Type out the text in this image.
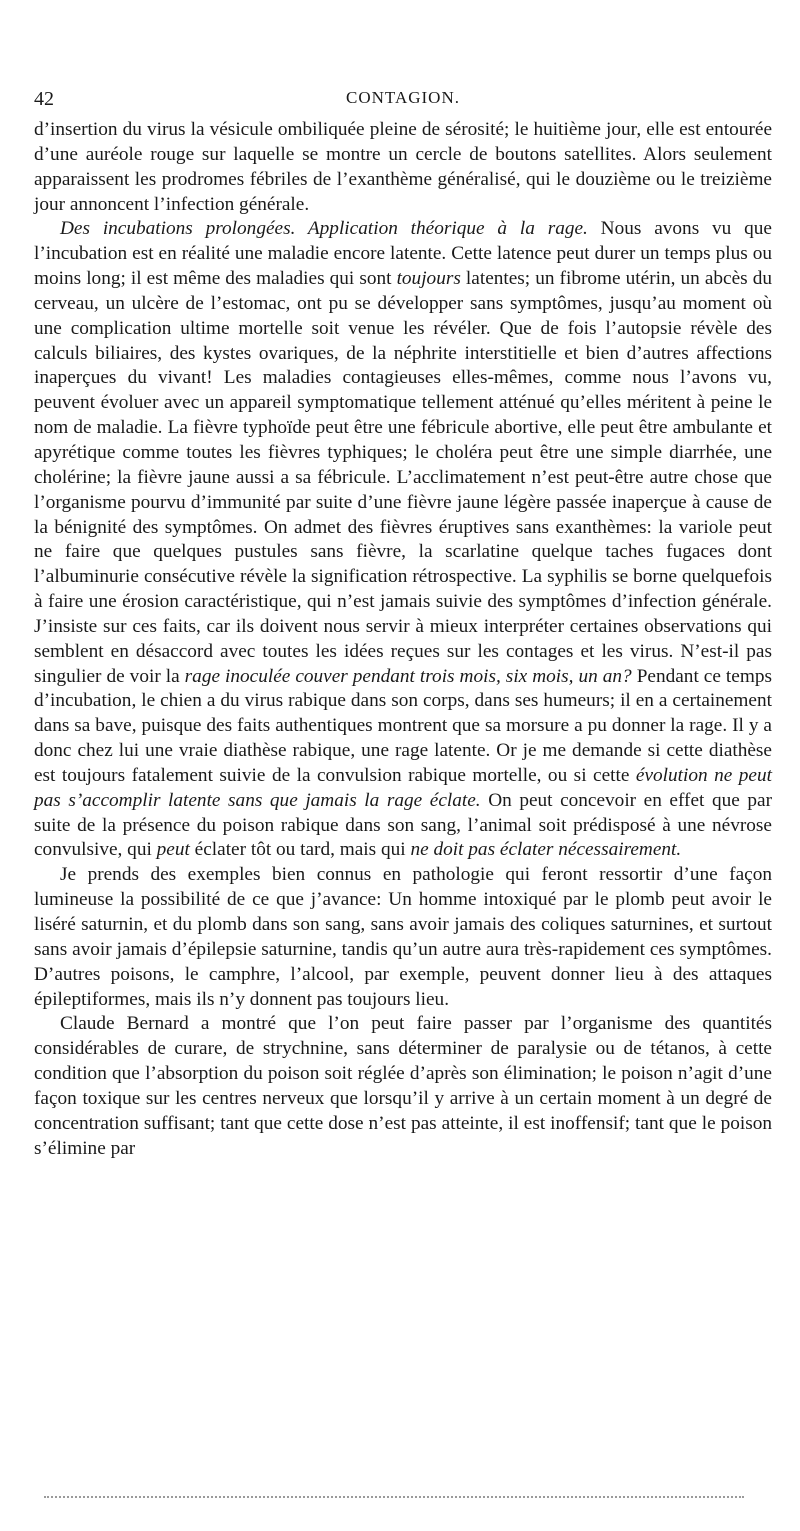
42	CONTAGION.

d’insertion du virus la vésicule ombiliquée pleine de sérosité; le huitième jour, elle est entourée d’une auréole rouge sur laquelle se montre un cercle de boutons satellites. Alors seulement apparaissent les prodromes fébriles de l’exanthème généralisé, qui le douzième ou le treizième jour annoncent l’infection générale.

Des incubations prolongées. Application théorique à la rage. Nous avons vu que l’incubation est en réalité une maladie encore latente. Cette latence peut durer un temps plus ou moins long; il est même des maladies qui sont toujours latentes; un fibrome utérin, un abcès du cerveau, un ulcère de l’estomac, ont pu se développer sans symptômes, jusqu’au moment où une complication ultime mortelle soit venue les révéler. Que de fois l’autopsie révèle des calculs biliaires, des kystes ovariques, de la néphrite interstitielle et bien d’autres affections inaperçues du vivant! Les maladies contagieuses elles-mêmes, comme nous l’avons vu, peuvent évoluer avec un appareil symptomatique tellement atténué qu’elles méritent à peine le nom de maladie. La fièvre typhoïde peut être une fébricule abortive, elle peut être ambulante et apyrétique comme toutes les fièvres typhiques; le choléra peut être une simple diarrhée, une cholérine; la fièvre jaune aussi a sa fébricule. L’acclimatement n’est peut-être autre chose que l’organisme pourvu d’immunité par suite d’une fièvre jaune légère passée inaperçue à cause de la bénignité des symptômes. On admet des fièvres éruptives sans exanthèmes: la variole peut ne faire que quelques pustules sans fièvre, la scarlatine quelque taches fugaces dont l’albuminurie consécutive révèle la signification rétrospective. La syphilis se borne quelquefois à faire une érosion caractéristique, qui n’est jamais suivie des symptômes d’infection générale. J’insiste sur ces faits, car ils doivent nous servir à mieux interpréter certaines observations qui semblent en désaccord avec toutes les idées reçues sur les contages et les virus. N’est-il pas singulier de voir la rage inoculée couver pendant trois mois, six mois, un an? Pendant ce temps d’incubation, le chien a du virus rabique dans son corps, dans ses humeurs; il en a certainement dans sa bave, puisque des faits authentiques montrent que sa morsure a pu donner la rage. Il y a donc chez lui une vraie diathèse rabique, une rage latente. Or je me demande si cette diathèse est toujours fatalement suivie de la convulsion rabique mortelle, ou si cette évolution ne peut pas s’accomplir latente sans que jamais la rage éclate. On peut concevoir en effet que par suite de la présence du poison rabique dans son sang, l’animal soit prédisposé à une névrose convulsive, qui peut éclater tôt ou tard, mais qui ne doit pas éclater nécessairement.

Je prends des exemples bien connus en pathologie qui feront ressortir d’une façon lumineuse la possibilité de ce que j’avance: Un homme intoxiqué par le plomb peut avoir le liséré saturnin, et du plomb dans son sang, sans avoir jamais des coliques saturnines, et surtout sans avoir jamais d’épilepsie saturnine, tandis qu’un autre aura très-rapidement ces symptômes. D’autres poisons, le camphre, l’alcool, par exemple, peuvent donner lieu à des attaques épileptiformes, mais ils n’y donnent pas toujours lieu.

Claude Bernard a montré que l’on peut faire passer par l’organisme des quantités considérables de curare, de strychnine, sans déterminer de paralysie ou de tétanos, à cette condition que l’absorption du poison soit réglée d’après son élimination; le poison n’agit d’une façon toxique sur les centres nerveux que lorsqu’il y arrive à un certain moment à un degré de concentration suffisant; tant que cette dose n’est pas atteinte, il est inoffensif; tant que le poison s’élimine par
